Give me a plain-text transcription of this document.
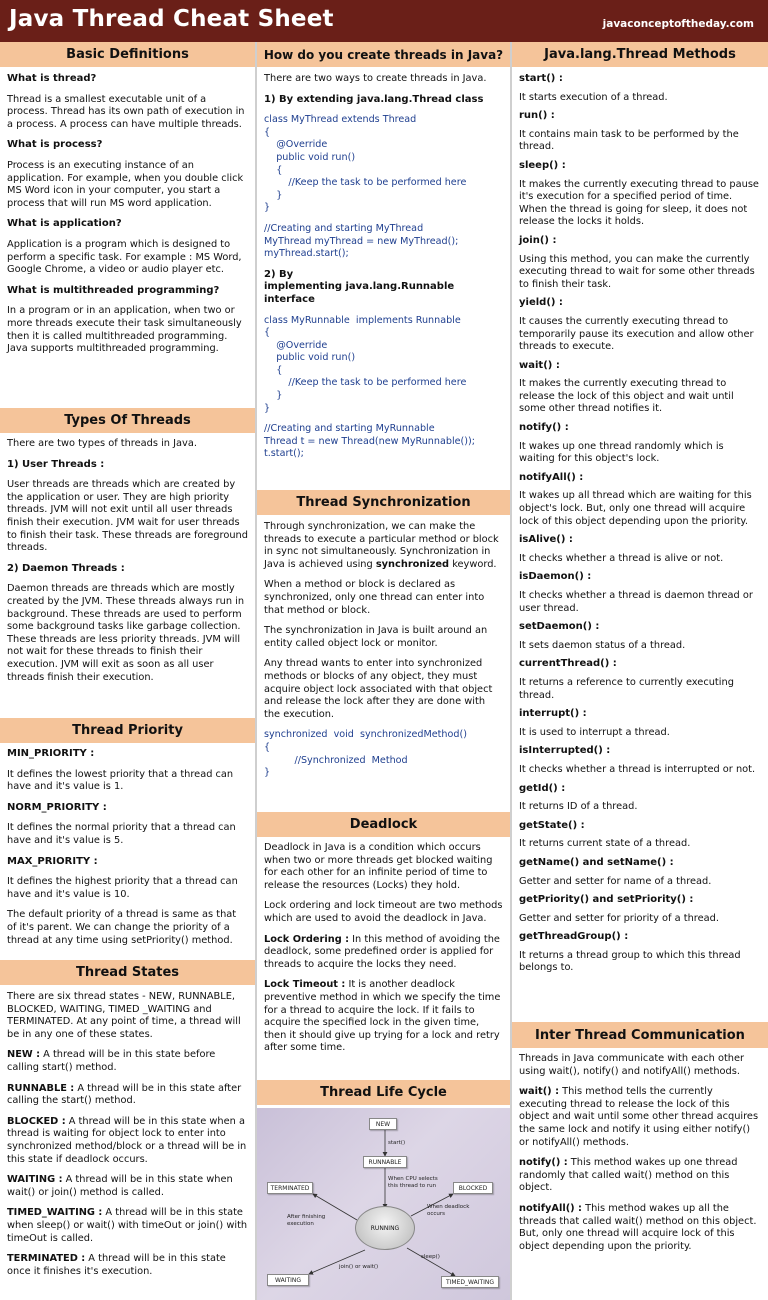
Java Thread Cheat Sheet	javaconceptoftheday.com
Basic Definitions
What is thread?

Thread is a smallest executable unit of a process. Thread has its own path of execution in a process. A process can have multiple threads.

What is process?

Process is an executing instance of an application. For example, when you double click MS Word icon in your computer, you start a process that will run MS word application.

What is application?

Application is a program which is designed to perform a specific task. For example : MS Word, Google Chrome, a video or audio player etc.

What is multithreaded programming?

In a program or in an application, when two or more threads execute their task simultaneously then it is called multithreaded programming. Java supports multithreaded programming.

Types Of Threads

There are two types of threads in Java.

1) User Threads :

User threads are threads which are created by the application or user. They are high priority threads. JVM will not exit until all user threads finish their execution. JVM wait for user threads to finish their task. These threads are foreground threads.

2) Daemon Threads :

Daemon threads are threads which are mostly created by the JVM. These threads always run in background. These threads are used to perform some background tasks like garbage collection. These threads are less priority threads. JVM will not wait for these threads to finish their execution. JVM will exit as soon as all user threads finish their execution.

Thread Priority
MIN_PRIORITY :

It defines the lowest priority that a thread can have and it's value is 1.

NORM_PRIORITY :

It defines the normal priority that a thread can have and it's value is 5.

MAX_PRIORITY :

It defines the highest priority that a thread can have and it's value is 10.

The default priority of a thread is same as that of it's parent. We can change the priority of a thread at any time using setPriority() method.

Thread States

There are six thread states - NEW, RUNNABLE, BLOCKED, WAITING, TIMED _WAITING and TERMINATED. At any point of time, a thread will be in any one of these states.

NEW : A thread will be in this state before calling start() method.

RUNNABLE : A thread will be in this state after calling the start() method.

BLOCKED : A thread will be in this state when a thread is waiting for object lock to enter into synchronized method/block or a thread will be in this state if deadlock occurs.

WAITING : A thread will be in this state when wait() or join() method is called.

TIMED_WAITING : A thread will be in this state when sleep() or wait() with timeOut or join() with timeOut is called.

TERMINATED : A thread will be in this state once it finishes it's execution.

How do you create threads in Java?

There are two ways to create threads in Java.

1) By extending java.lang.Thread class
class MyThread extends Thread
{
@Override
public void run()
{
//Keep the task to be performed here
}
}
//Creating and starting MyThread
MyThread myThread = new MyThread();
myThread.start();
2) By
implementing java.lang.Runnable interface
class MyRunnable  implements Runnable
{
@Override
public void run()
{
//Keep the task to be performed here
}
}
//Creating and starting MyRunnable
Thread t = new Thread(new MyRunnable());
t.start();
Thread Synchronization

Through synchronization, we can make the threads to execute a particular method or block in sync not simultaneously. Synchronization in Java is achieved using synchronized keyword.

When a method or block is declared as synchronized, only one thread can enter into that method or block.

The synchronization in Java is built around an entity called object lock or monitor.

Any thread wants to enter into synchronized methods or blocks of any object, they must acquire object lock associated with that object and release the lock after they are done with the execution.

synchronized  void  synchronizedMethod()
{
//Synchronized  Method
}
Deadlock

Deadlock in Java is a condition which occurs when two or more threads get blocked waiting for each other for an infinite period of time to release the resources (Locks) they hold.

Lock ordering and lock timeout are two methods which are used to avoid the deadlock in Java.

Lock Ordering : In this method of avoiding the deadlock, some predefined order is applied for threads to acquire the locks they need.

Lock Timeout : It is another deadlock preventive method in which we specify the time for a thread to acquire the lock. If it fails to acquire the specified lock in the given time, then it should give up trying for a lock and retry after some time.

Thread Life Cycle
NEW
start()
RUNNABLE
When CPU selects this thread to run	BLOCKED
When deadlock occurs
TERMINATED
After finishing execution
RUNNING
sleep()
join() or wait()
WAITING	TIMED_WAITING
Java.lang.Thread Methods
start() :

It starts execution of a thread.

run() :

It contains main task to be performed by the thread.

sleep() :

It makes the currently executing thread to pause it's execution for a specified period of time. When the thread is going for sleep, it does not release the locks it holds.

join() :

Using this method, you can make the currently executing thread to wait for some other threads to finish their task.

yield() :

It causes the currently executing thread to temporarily pause its execution and allow other threads to execute.

wait() :

It makes the currently executing thread to release the lock of this object and wait until some other thread notifies it.

notify() :

It wakes up one thread randomly which is waiting for this object's lock.

notifyAll() :

It wakes up all thread which are waiting for this object's lock. But, only one thread will acquire lock of this object depending upon the priority.

isAlive() :

It checks whether a thread is alive or not.

isDaemon() :

It checks whether a thread is daemon thread or user thread.

setDaemon() :

It sets daemon status of a thread.

currentThread() :

It returns a reference to currently executing thread.

interrupt() :

It is used to interrupt a thread.

isInterrupted() :

It checks whether a thread is interrupted or not.

getId() :

It returns ID of a thread.

getState() :

It returns current state of a thread.

getName() and setName() :

Getter and setter for name of a thread.

getPriority() and setPriority() :

Getter and setter for priority of a thread.

getThreadGroup() :

It returns a thread group to which this thread belongs to.

Inter Thread Communication

Threads in Java communicate with each other using wait(), notify() and notifyAll() methods.

wait() : This method tells the currently executing thread to release the lock of this object and wait until some other thread acquires the same lock and notify it using either notify() or notifyAll() methods.

notify() : This method wakes up one thread randomly that called wait() method on this object.

notifyAll() : This method wakes up all the threads that called wait() method on this object. But, only one thread will acquire lock of this object depending upon the priority.
